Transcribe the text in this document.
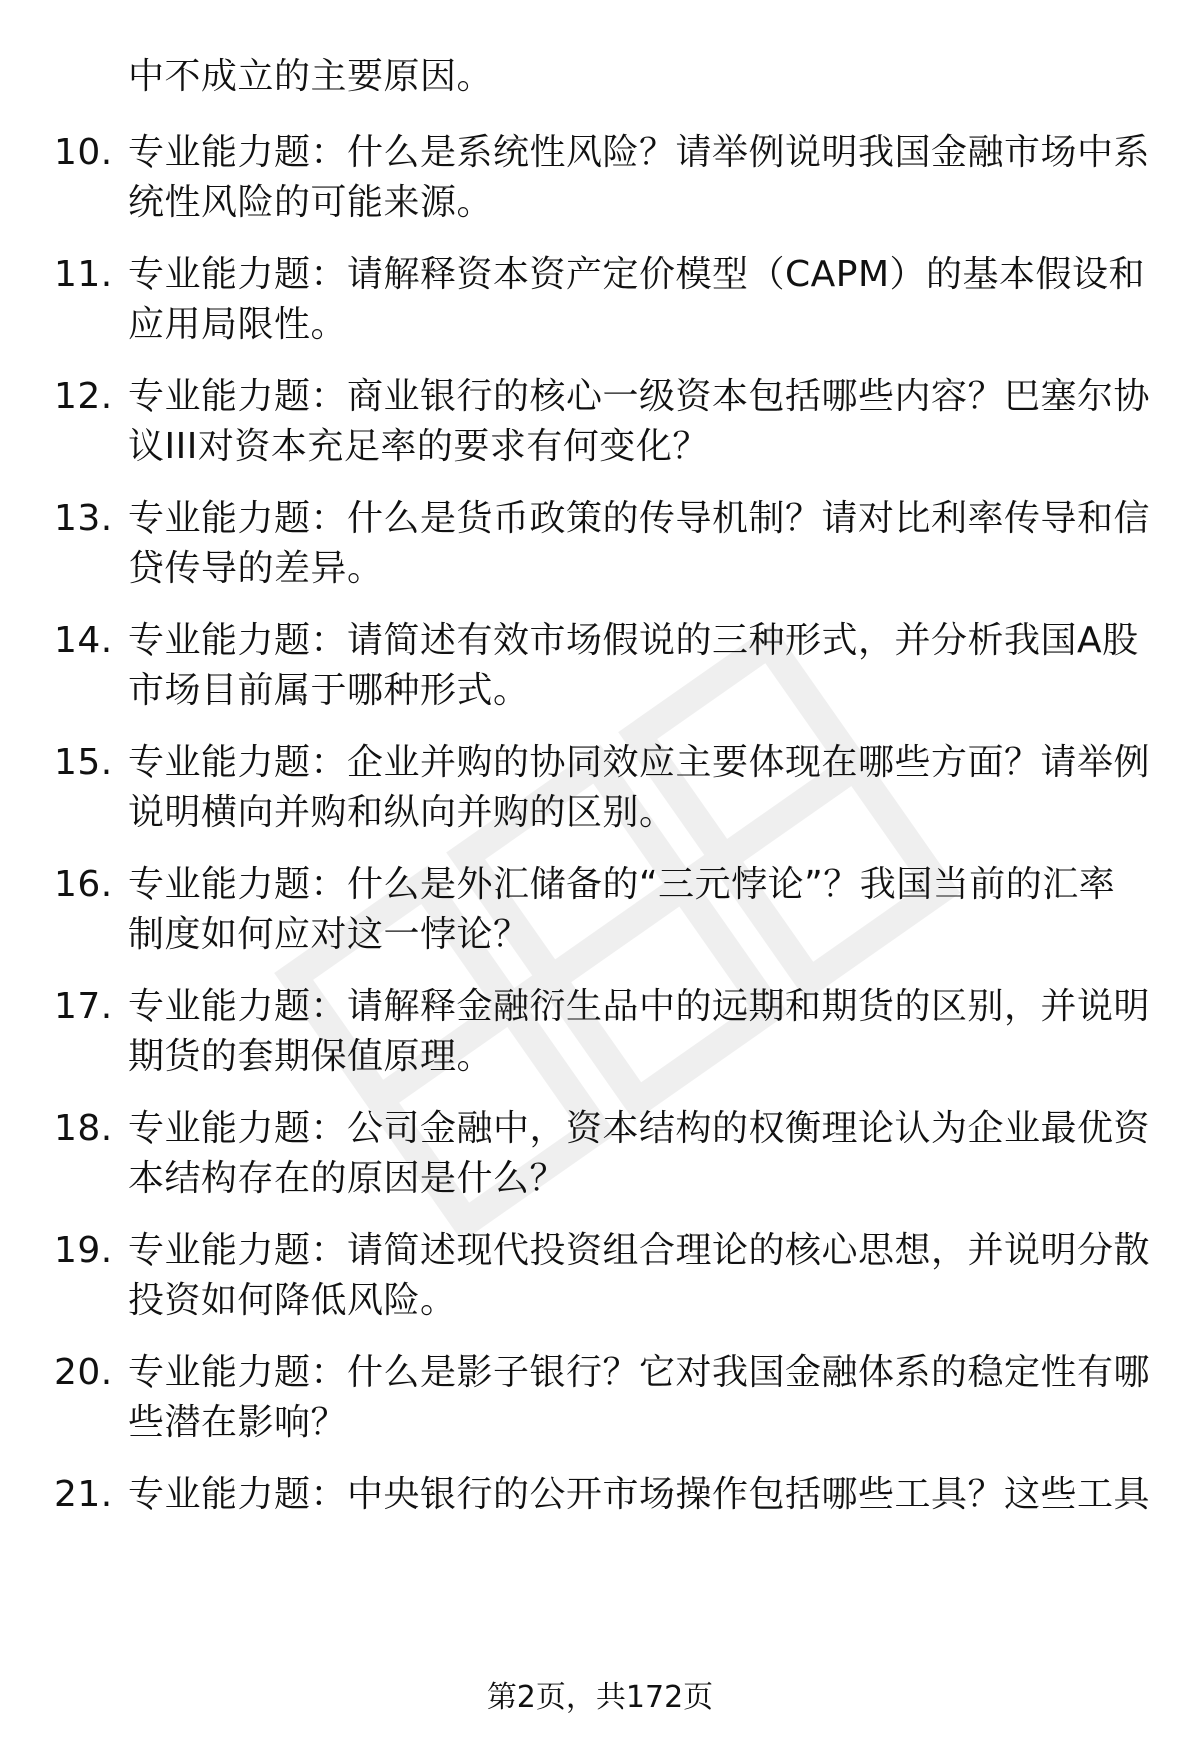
中不成立的主要原因。
10. 专业能力题：什么是系统性风险？请举例说明我国金融市场中系
统性风险的可能来源。
11. 专业能力题：请解释资本资产定价模型（CAPM）的基本假设和
应用局限性。
12. 专业能力题：商业银行的核心一级资本包括哪些内容？巴塞尔协
议III对资本充足率的要求有何变化？
13. 专业能力题：什么是货币政策的传导机制？请对比利率传导和信
贷传导的差异。
14. 专业能力题：请简述有效市场假说的三种形式，并分析我国A股
市场目前属于哪种形式。
15. 专业能力题：企业并购的协同效应主要体现在哪些方面？请举例
说明横向并购和纵向并购的区别。
16. 专业能力题：什么是外汇储备的“三元悖论”？我国当前的汇率
制度如何应对这一悖论？
17. 专业能力题：请解释金融衍生品中的远期和期货的区别，并说明
期货的套期保值原理。
18. 专业能力题：公司金融中，资本结构的权衡理论认为企业最优资
本结构存在的原因是什么？
19. 专业能力题：请简述现代投资组合理论的核心思想，并说明分散
投资如何降低风险。
20. 专业能力题：什么是影子银行？它对我国金融体系的稳定性有哪
些潜在影响？
21. 专业能力题：中央银行的公开市场操作包括哪些工具？这些工具
第2页，共172页
